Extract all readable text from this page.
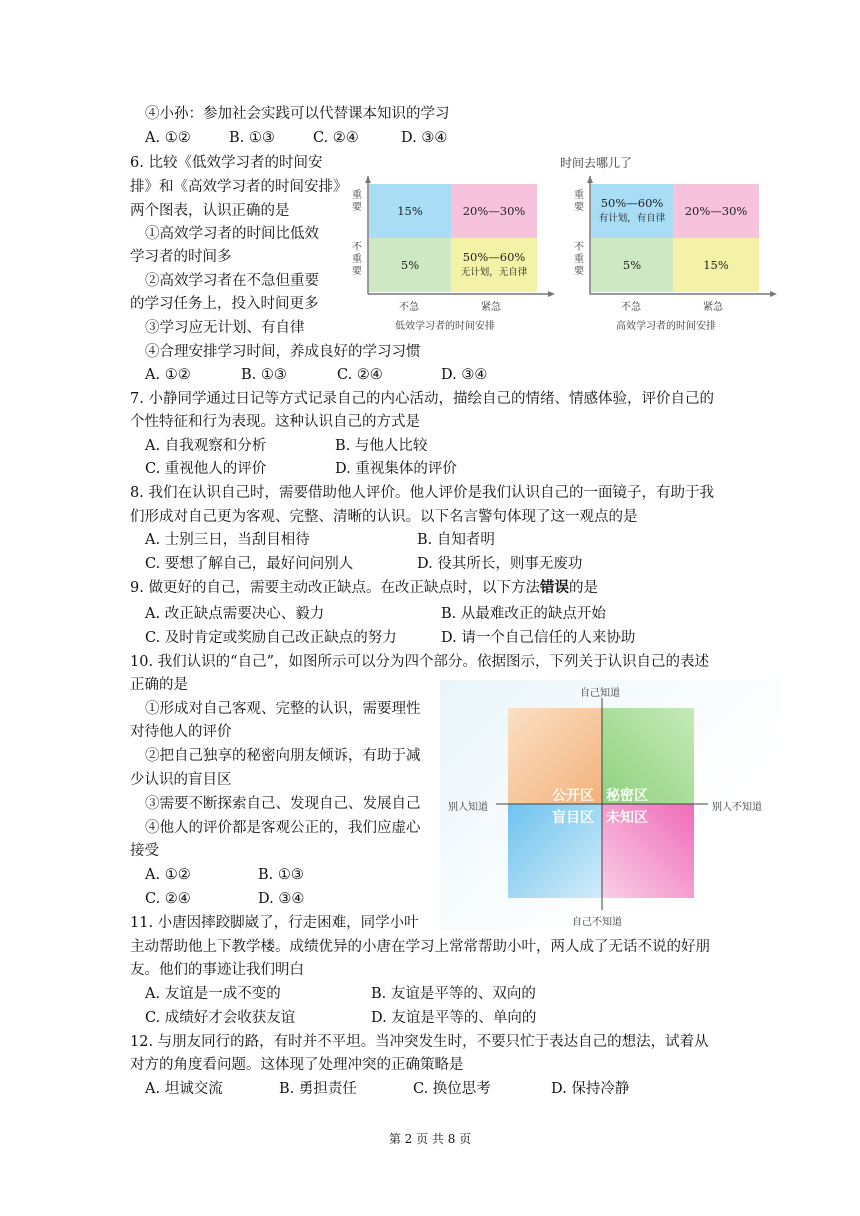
④小孙：参加社会实践可以代替课本知识的学习
A. ①②	B. ①③	C. ②④	D. ③④
6. 比较《低效学习者的时间安
排》和《高效学习者的时间安排》
两个图表，认识正确的是
①高效学习者的时间比低效
学习者的时间多
②高效学习者在不急但重要
的学习任务上，投入时间更多
③学习应无计划、有自律
④合理安排学习时间，养成良好的学习习惯
A. ①②	B. ①③	C. ②④	D. ③④
时间去哪儿了
重要
不重要
15%	20%—30%
5%
50%—60%
无计划，无自律
不急	紧急
低效学习者的时间安排
重要
不重要
50%—60%
有计划，有自律
20%—30%
5%	15%
不急	紧急
高效学习者的时间安排
7. 小静同学通过日记等方式记录自己的内心活动，描绘自己的情绪、情感体验，评价自己的
个性特征和行为表现。这种认识自己的方式是
A. 自我观察和分析	B. 与他人比较
C. 重视他人的评价	D. 重视集体的评价
8. 我们在认识自己时，需要借助他人评价。他人评价是我们认识自己的一面镜子，有助于我
们形成对自己更为客观、完整、清晰的认识。以下名言警句体现了这一观点的是
A. 士别三日，当刮目相待	B. 自知者明
C. 要想了解自己，最好问问别人	D. 役其所长，则事无废功
9. 做更好的自己，需要主动改正缺点。在改正缺点时，以下方法错误的是
A. 改正缺点需要决心、毅力	B. 从最难改正的缺点开始
C. 及时肯定或奖励自己改正缺点的努力	D. 请一个自己信任的人来协助
10. 我们认识的“自己”，如图所示可以分为四个部分。依据图示，下列关于认识自己的表述
正确的是
①形成对自己客观、完整的认识，需要理性
对待他人的评价
②把自己独享的秘密向朋友倾诉，有助于减
少认识的盲目区
③需要不断探索自己、发现自己、发展自己
④他人的评价都是客观公正的，我们应虚心
接受
A. ①②	B. ①③
C. ②④	D. ③④
自己知道
自己不知道
别人知道	别人不知道
公开区 秘密区
盲目区 未知区
11. 小唐因摔跤脚崴了，行走困难，同学小叶
主动帮助他上下教学楼。成绩优异的小唐在学习上常常帮助小叶，两人成了无话不说的好朋
友。他们的事迹让我们明白
A. 友谊是一成不变的	B. 友谊是平等的、双向的
C. 成绩好才会收获友谊	D. 友谊是平等的、单向的
12. 与朋友同行的路，有时并不平坦。当冲突发生时，不要只忙于表达自己的想法，试着从
对方的角度看问题。这体现了处理冲突的正确策略是
A. 坦诚交流	B. 勇担责任	C. 换位思考	D. 保持冷静
第 2 页 共 8 页
